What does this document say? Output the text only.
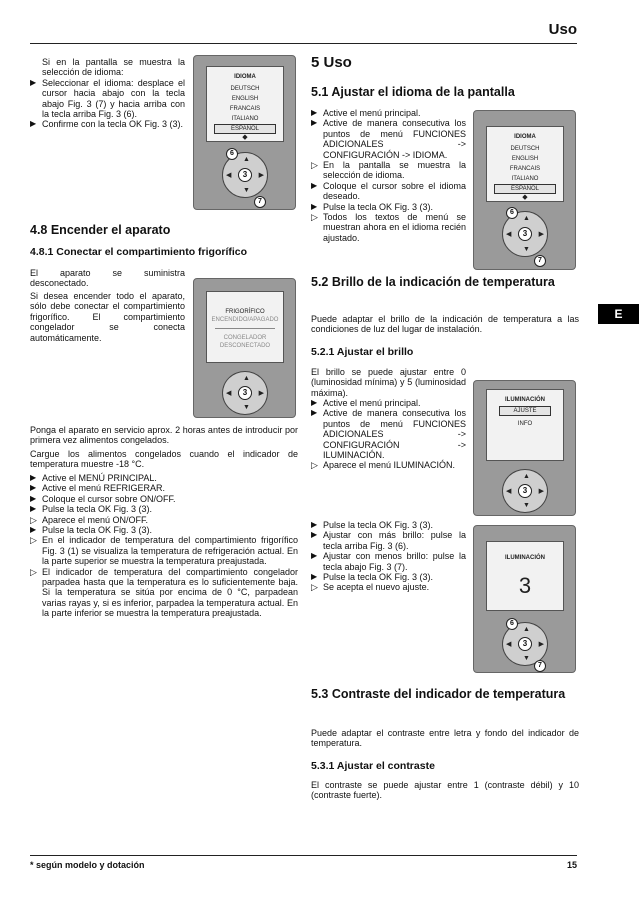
Uso
* según modelo y dotación	15
E
Si en la pantalla se muestra la selección de idioma:
▶ Seleccionar el idioma: desplace el cursor hacia abajo con la tecla abajo Fig. 3 (7) y hacia arriba con la tecla arriba Fig. 3 (6).
▶ Confirme con la tecla OK Fig. 3 (3).
IDIOMA
DEUTSCH
ENGLISH
FRANCAIS
ITALIANO
ESPAÑOL
◆
▲
▼
◀	▶
3
6
7
4.8 Encender el aparato
4.8.1 Conectar el compartimiento frigorífico
El aparato se suministra desconectado.
Si desea encender todo el aparato, sólo debe conectar el compartimiento frigorífico. El compartimiento congelador se conecta automáticamente.
FRIGORÍFICO
ENCENDIDO/APAGADO
CONGELADOR
DESCONECTADO
▲
▼
◀	▶
3
Ponga el aparato en servicio aprox. 2 horas antes de introducir por primera vez alimentos congelados.
Cargue los alimentos congelados cuando el indicador de temperatura muestre -18 °C.
▶ Active el MENÚ PRINCIPAL.
▶ Active el menú REFRIGERAR.
▶ Coloque el cursor sobre ON/OFF.
▶ Pulse la tecla OK Fig. 3 (3).
▷ Aparece el menú ON/OFF.
▶ Pulse la tecla OK Fig. 3 (3).
▷ En el indicador de temperatura del compartimiento frigorífico Fig. 3 (1) se visualiza la temperatura de refrigeración actual. En la parte superior se muestra la temperatura preajustada.
▷ El indicador de temperatura del compartimiento congelador parpadea hasta que la temperatura es lo suficientemente baja. Si la temperatura se sitúa por encima de 0 °C, parpadean varias rayas y, si es inferior, parpadea la temperatura actual. En la parte inferior se muestra la temperatura preajustada.
5 Uso
5.1 Ajustar el idioma de la pantalla
▶ Active el menú principal.
▶ Active de manera consecutiva los puntos de menú FUNCIONES ADICIONALES -> CONFIGURACIÓN -> IDIOMA.
▷ En la pantalla se muestra la selección de idioma.
▶ Coloque el cursor sobre el idioma deseado.
▶ Pulse la tecla OK Fig. 3 (3).
▷ Todos los textos de menú se muestran ahora en el idioma recién ajustado.
IDIOMA
DEUTSCH
ENGLISH
FRANCAIS
ITALIANO
ESPAÑOL
◆
▲
▼
◀	▶
3
6
7
5.2 Brillo de la indicación de temperatura
Puede adaptar el brillo de la indicación de temperatura a las condiciones de luz del lugar de instalación.
5.2.1 Ajustar el brillo
El brillo se puede ajustar entre 0 (luminosidad mínima) y 5 (luminosidad máxima).
▶ Active el menú principal.
▶ Active de manera consecutiva los puntos de menú FUNCIONES ADICIONALES -> CONFIGURACIÓN -> ILUMINACIÓN.
▷ Aparece el menú ILUMINACIÓN.
ILUMINACIÓN
AJUSTE
INFO
▲
▼
◀	▶
3
▶ Pulse la tecla OK Fig. 3 (3).
▶ Ajustar con más brillo: pulse la tecla arriba Fig. 3 (6).
▶ Ajustar con menos brillo: pulse la tecla abajo Fig. 3 (7).
▶ Pulse la tecla OK Fig. 3 (3).
▷ Se acepta el nuevo ajuste.
ILUMINACIÓN
3
▲
▼
◀	▶
3
6
7
5.3 Contraste del indicador de temperatura
Puede adaptar el contraste entre letra y fondo del indicador de temperatura.
5.3.1 Ajustar el contraste
El contraste se puede ajustar entre 1 (contraste débil) y 10 (contraste fuerte).
